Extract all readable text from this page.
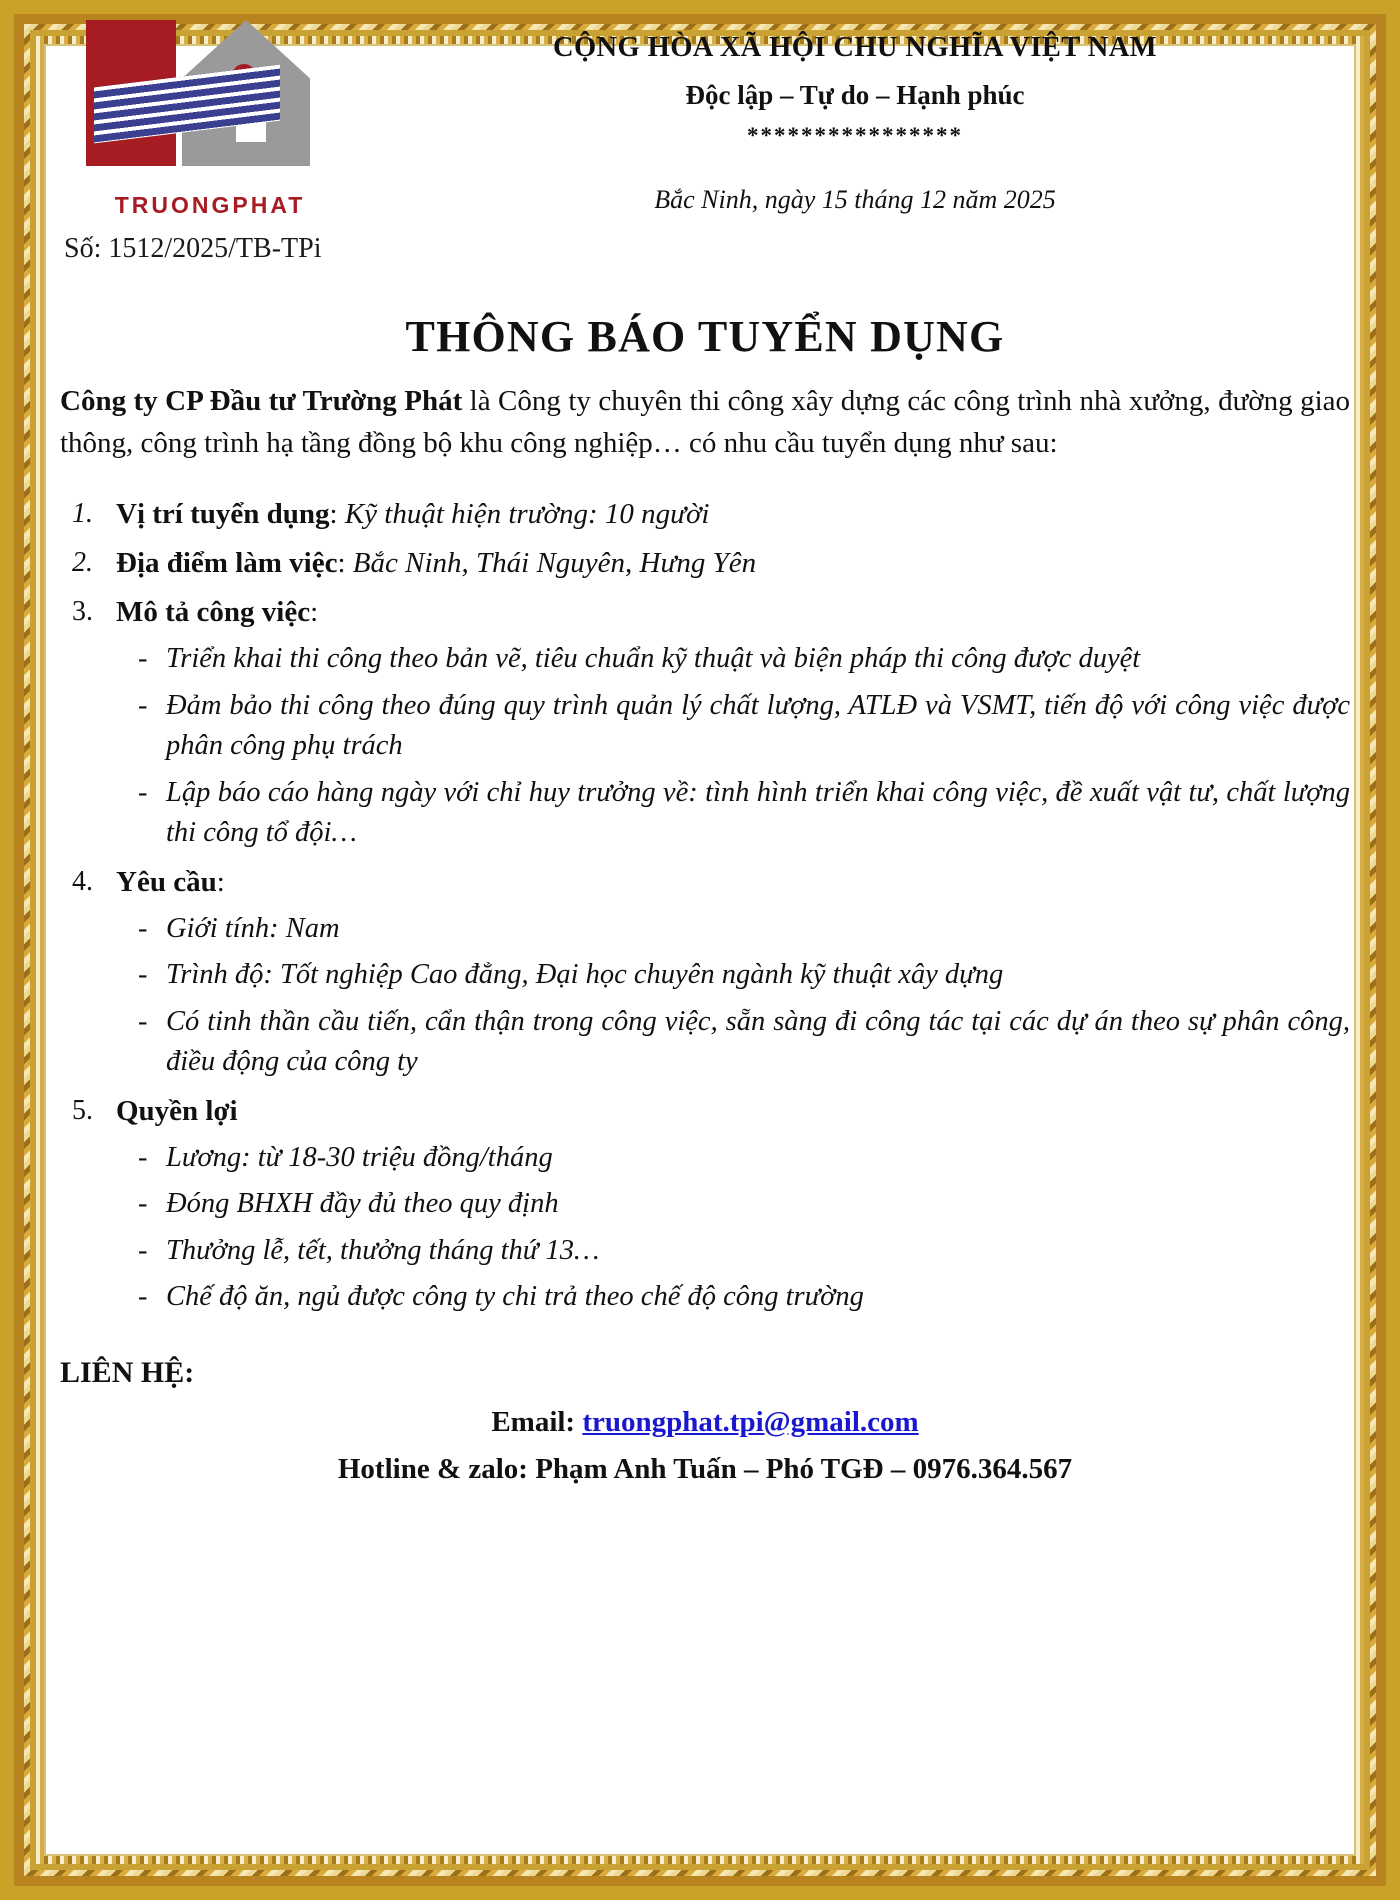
TRUONGPHAT
Số: 1512/2025/TB-TPi
CỘNG HÒA XÃ HỘI CHU NGHĨA VIỆT NAM
Độc lập – Tự do – Hạnh phúc
****************
Bắc Ninh, ngày 15 tháng 12 năm 2025
THÔNG BÁO TUYỂN DỤNG

Công ty CP Đầu tư Trường Phát là Công ty chuyên thi công xây dựng các công trình nhà xưởng, đường giao thông, công trình hạ tầng đồng bộ khu công nghiệp… có nhu cầu tuyển dụng như sau:

Vị trí tuyển dụng: Kỹ thuật hiện trường: 10 người
Địa điểm làm việc: Bắc Ninh, Thái Nguyên, Hưng Yên
Mô tả công việc:
- Triển khai thi công theo bản vẽ, tiêu chuẩn kỹ thuật và biện pháp thi công được duyệt
- Đảm bảo thi công theo đúng quy trình quản lý chất lượng, ATLĐ và VSMT, tiến độ với công việc được phân công phụ trách
- Lập báo cáo hàng ngày với chỉ huy trưởng về: tình hình triển khai công việc, đề xuất vật tư, chất lượng thi công tổ đội…
Yêu cầu:
- Giới tính: Nam
- Trình độ: Tốt nghiệp Cao đẳng, Đại học chuyên ngành kỹ thuật xây dựng
- Có tinh thần cầu tiến, cẩn thận trong công việc, sẵn sàng đi công tác tại các dự án theo sự phân công, điều động của công ty
Quyền lợi
- Lương: từ 18-30 triệu đồng/tháng
- Đóng BHXH đầy đủ theo quy định
- Thưởng lễ, tết, thưởng tháng thứ 13…
- Chế độ ăn, ngủ được công ty chi trả theo chế độ công trường
LIÊN HỆ:
Email: truongphat.tpi@gmail.com
Hotline & zalo: Phạm Anh Tuấn – Phó TGĐ – 0976.364.567
